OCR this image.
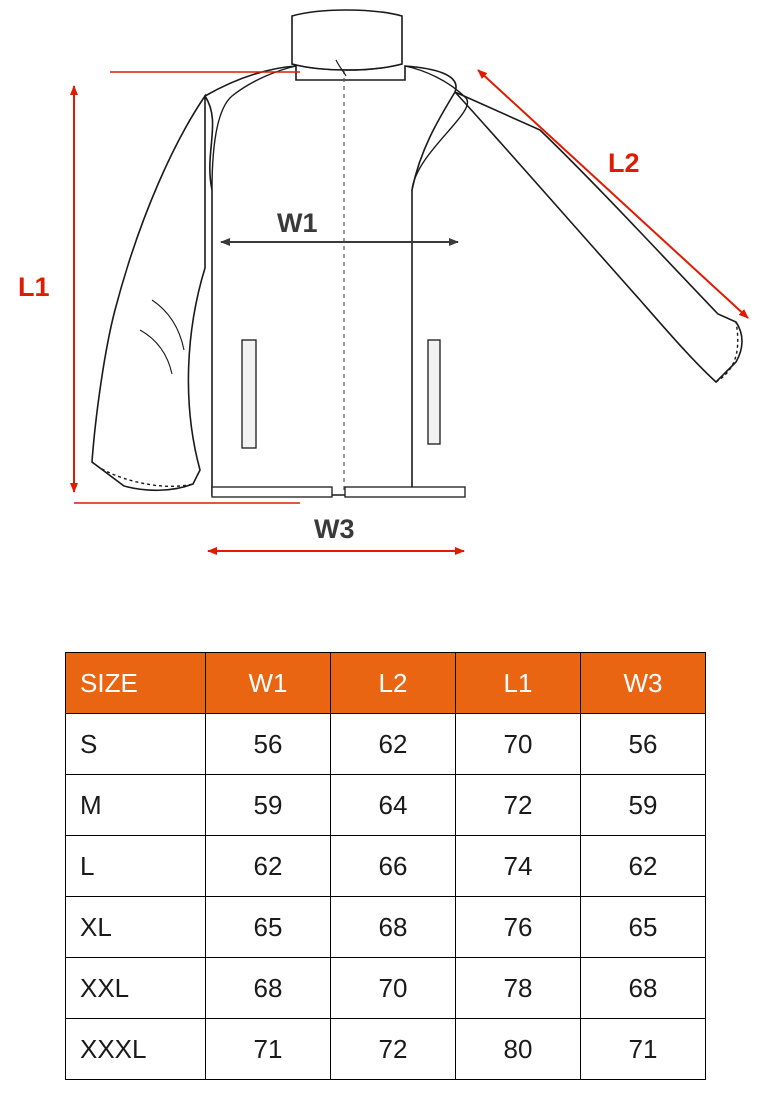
L1
L2
W1
W3
SIZE	W1	L2	L1	W3
S	56	62	70	56
M	59	64	72	59
L	62	66	74	62
XL	65	68	76	65
XXL	68	70	78	68
XXXL	71	72	80	71
